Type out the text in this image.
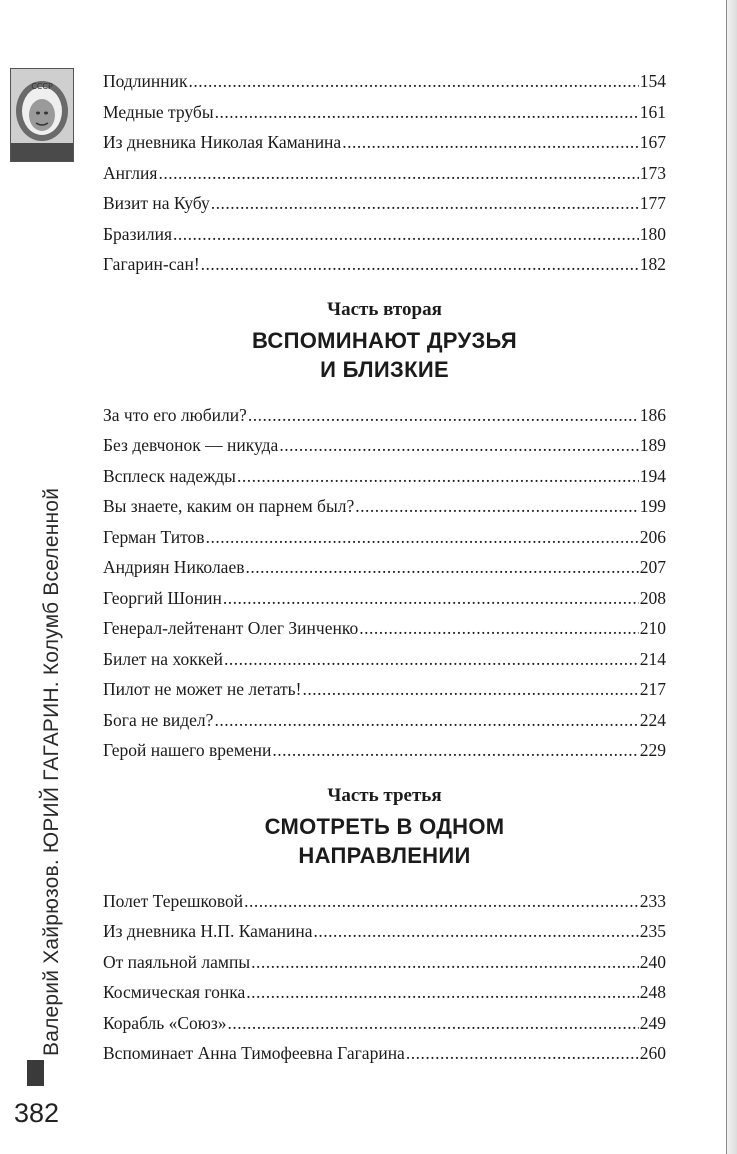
СССР
Валерий Хайрюзов. ЮРИЙ ГАГАРИН. Колумб Вселенной
382
Подлинник .....	154
Медные трубы .....	161
Из дневника Николая Каманина .....	167
Англия .....	173
Визит на Кубу .....	177
Бразилия .....	180
Гагарин-сан! .....	182
Часть вторая
ВСПОМИНАЮТ ДРУЗЬЯ
И БЛИЗКИЕ
За что его любили? .....	186
Без девчонок — никуда .....	189
Всплеск надежды .....	194
Вы знаете, каким он парнем был? .....	199
Герман Титов .....	206
Андриян Николаев .....	207
Георгий Шонин .....	208
Генерал-лейтенант Олег Зинченко .....	210
Билет на хоккей .....	214
Пилот не может не летать! .....	217
Бога не видел? .....	224
Герой нашего времени .....	229
Часть третья
СМОТРЕТЬ В ОДНОМ
НАПРАВЛЕНИИ
Полет Терешковой .....	233
Из дневника Н.П. Каманина .....	235
От паяльной лампы .....	240
Космическая гонка .....	248
Корабль «Союз» .....	249
Вспоминает Анна Тимофеевна Гагарина .....	260
